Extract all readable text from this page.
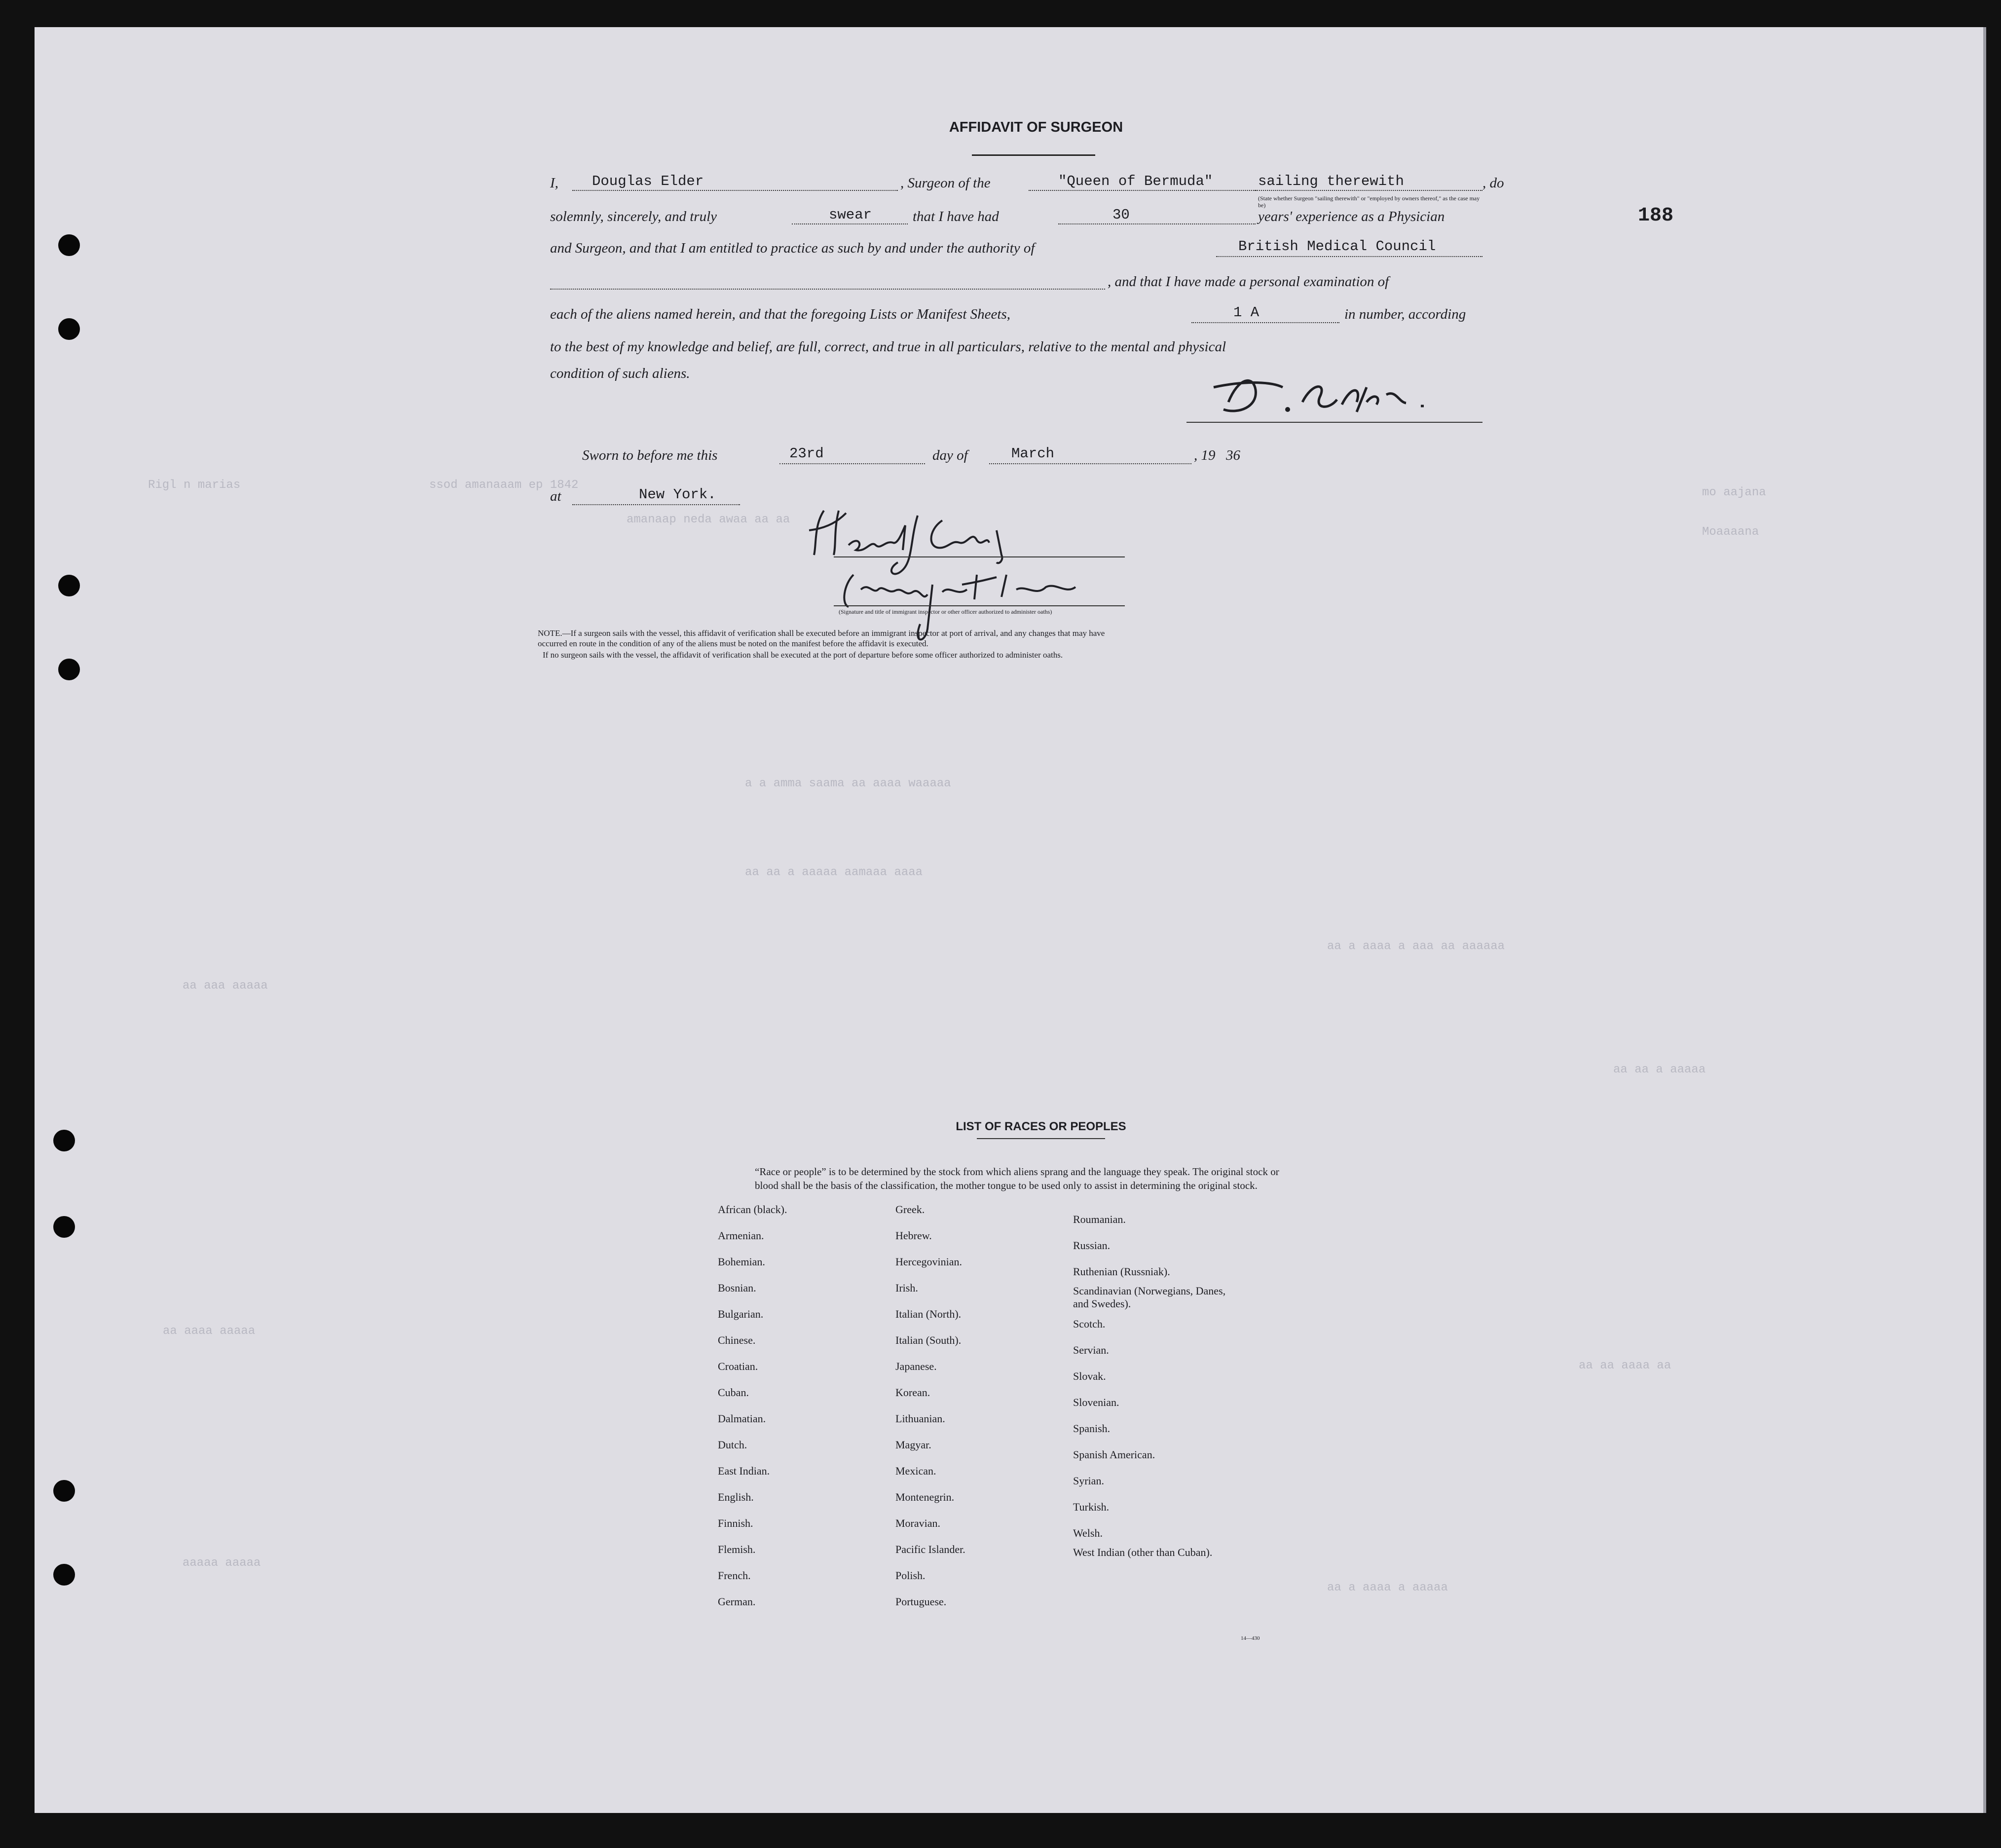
Rigl n marias	ssod amanaaam ep 1842
amanaap neda awaa aa aa
mo aajana
Moaaaana
a a amma saama aa aaaa waaaaa
aa aa a aaaaa aamaaa aaaa
aa a aaaa a aaa aa aaaaaa
aa aaa aaaaa
aa aa a aaaaa
aa aaaa aaaaa
aa aa aaaa aa
aaaaa aaaaa
aa a aaaa a aaaaa
188
AFFIDAVIT OF SURGEON
I, Douglas Elder	, Surgeon of the	"Queen of Bermuda"	sailing therewith
(State whether Surgeon "sailing therewith" or "employed by owners thereof," as the case may be)
, do
solemnly, sincerely, and truly	swear	that I have had	30	years' experience as a Physician
and Surgeon, and that I am entitled to practice as such by and under the authority of	British Medical Council
, and that I have made a personal examination of
each of the aliens named herein, and that the foregoing Lists or Manifest Sheets,	1 A	in number, according
to the best of my knowledge and belief, are full, correct, and true in all particulars, relative to the mental and physical
condition of such aliens.
Sworn to before me this	23rd	day of	March	, 19 36
at	New York.
(Signature and title of immigrant inspector or other officer authorized to administer oaths)
NOTE.—If a surgeon sails with the vessel, this affidavit of verification shall be executed before an immigrant inspector at port of arrival, and any changes that may have
occurred en route in the condition of any of the aliens must be noted on the manifest before the affidavit is executed.
If no surgeon sails with the vessel, the affidavit of verification shall be executed at the port of departure before some officer authorized to administer oaths.
LIST OF RACES OR PEOPLES
“Race or people” is to be determined by the stock from which aliens sprang and the language they speak. The original stock or blood shall be the basis of the classification, the mother tongue to be used only to assist in determining the original stock.
African (black).
Armenian.
Bohemian.
Bosnian.
Bulgarian.
Chinese.
Croatian.
Cuban.
Dalmatian.
Dutch.
East Indian.
English.
Finnish.
Flemish.
French.
German.
Greek.
Hebrew.
Hercegovinian.
Irish.
Italian (North).
Italian (South).
Japanese.
Korean.
Lithuanian.
Magyar.
Mexican.
Montenegrin.
Moravian.
Pacific Islander.
Polish.
Portuguese.
Roumanian.
Russian.
Ruthenian (Russniak).
Scandinavian (Norwegians, Danes, and Swedes).
Scotch.
Servian.
Slovak.
Slovenian.
Spanish.
Spanish American.
Syrian.
Turkish.
Welsh.
West Indian (other than Cuban).
14—430
